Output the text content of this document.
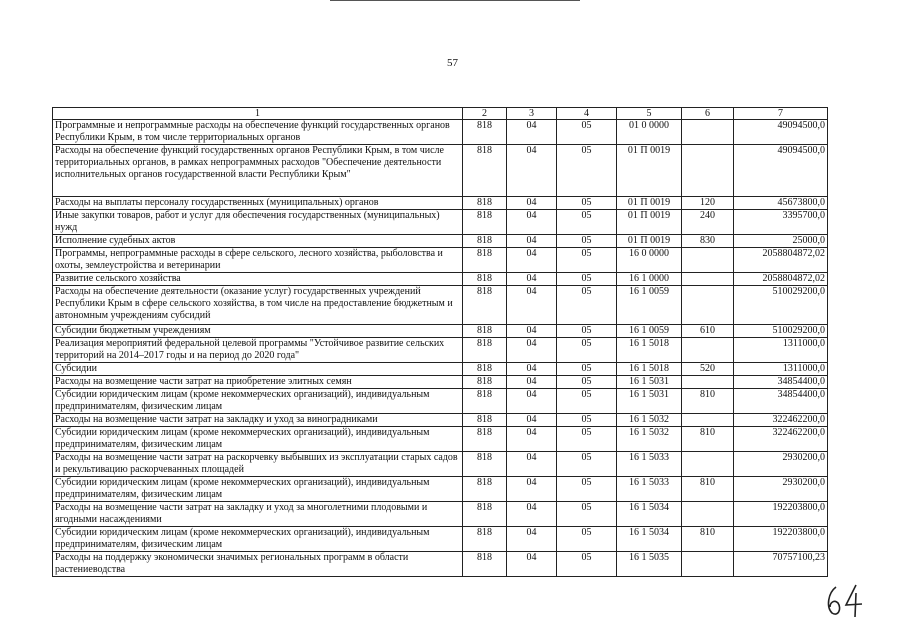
57
1	2	3	4	5	6	7
Программные и непрограммные расходы на обеспечение функций государственных органов Республики Крым, в том числе территориальных органов	818	04	05	01 0 0000		49094500,0
Расходы на обеспечение функций государственных органов Республики Крым, в том числе территориальных органов, в рамках непрограммных расходов "Обеспечение деятельности исполнительных органов государственной власти Республики Крым"	818	04	05	01 П 0019		49094500,0
Расходы на выплаты персоналу государственных (муниципальных) органов	818	04	05	01 П 0019	120	45673800,0
Иные закупки товаров, работ и услуг для обеспечения государственных (муниципальных) нужд	818	04	05	01 П 0019	240	3395700,0
Исполнение судебных актов	818	04	05	01 П 0019	830	25000,0
Программы, непрограммные расходы в сфере сельского, лесного хозяйства, рыболовства и охоты, землеустройства и ветеринарии	818	04	05	16 0 0000		2058804872,02
Развитие сельского хозяйства	818	04	05	16 1 0000		2058804872,02
Расходы на обеспечение деятельности (оказание услуг) государственных учреждений Республики Крым в сфере сельского хозяйства, в том числе на предоставление бюджетным и автономным учреждениям субсидий	818	04	05	16 1 0059		510029200,0
Субсидии бюджетным учреждениям	818	04	05	16 1 0059	610	510029200,0
Реализация мероприятий федеральной целевой программы "Устойчивое развитие сельских территорий на 2014–2017 годы и на период до 2020 года"	818	04	05	16 1 5018		1311000,0
Субсидии	818	04	05	16 1 5018	520	1311000,0
Расходы на возмещение части затрат на приобретение элитных семян	818	04	05	16 1 5031		34854400,0
Субсидии юридическим лицам (кроме некоммерческих организаций), индивидуальным предпринимателям, физическим лицам	818	04	05	16 1 5031	810	34854400,0
Расходы на возмещение части затрат на закладку и уход за виноградниками	818	04	05	16 1 5032		322462200,0
Субсидии юридическим лицам (кроме некоммерческих организаций), индивидуальным предпринимателям, физическим лицам	818	04	05	16 1 5032	810	322462200,0
Расходы на возмещение части затрат на раскорчевку выбывших из эксплуатации старых садов и рекультивацию раскорчеванных площадей	818	04	05	16 1 5033		2930200,0
Субсидии юридическим лицам (кроме некоммерческих организаций), индивидуальным предпринимателям, физическим лицам	818	04	05	16 1 5033	810	2930200,0
Расходы на возмещение части затрат на закладку и уход за многолетними плодовыми и ягодными насаждениями	818	04	05	16 1 5034		192203800,0
Субсидии юридическим лицам (кроме некоммерческих организаций), индивидуальным предпринимателям, физическим лицам	818	04	05	16 1 5034	810	192203800,0
Расходы на поддержку экономически значимых региональных программ в области растениеводства	818	04	05	16 1 5035		70757100,23
